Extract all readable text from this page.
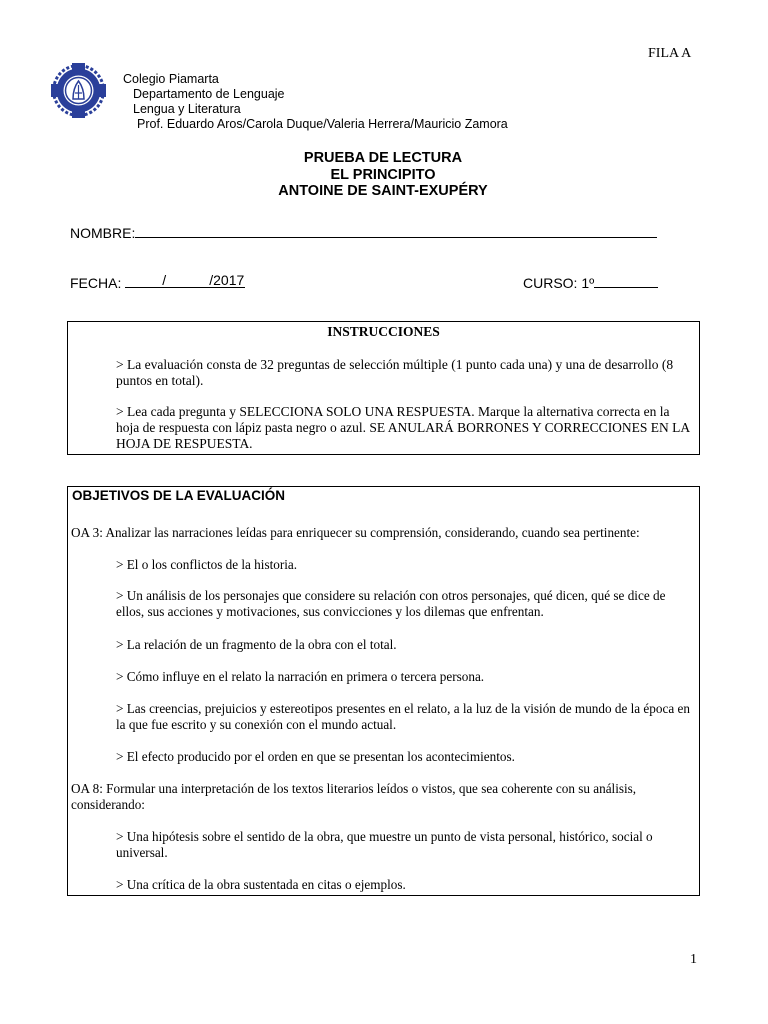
FILA A
Colegio Piamarta
Departamento de Lenguaje
Lengua y Literatura
Prof. Eduardo Aros/Carola Duque/Valeria Herrera/Mauricio Zamora
PRUEBA DE LECTURA
EL PRINCIPITO
ANTOINE DE SAINT-EXUPÉRY
NOMBRE:
FECHA:	/	/2017	CURSO: 1º
INSTRUCCIONES
> La evaluación consta de 32 preguntas de selección múltiple (1 punto cada una) y una de desarrollo (8 puntos en total).
> Lea cada pregunta y SELECCIONA SOLO UNA RESPUESTA. Marque la alternativa correcta en la hoja de respuesta con lápiz pasta negro o azul. SE ANULARÁ BORRONES Y CORRECCIONES EN LA HOJA DE RESPUESTA.
OBJETIVOS DE LA EVALUACIÓN
OA 3: Analizar las narraciones leídas para enriquecer su comprensión, considerando, cuando sea pertinente:
> El o los conflictos de la historia.
> Un análisis de los personajes que considere su relación con otros personajes, qué dicen, qué se dice de ellos, sus acciones y motivaciones, sus convicciones y los dilemas que enfrentan.
> La relación de un fragmento de la obra con el total.
> Cómo influye en el relato la narración en primera o tercera persona.
> Las creencias, prejuicios y estereotipos presentes en el relato, a la luz de la visión de mundo de la época en la que fue escrito y su conexión con el mundo actual.
> El efecto producido por el orden en que se presentan los acontecimientos.
OA 8: Formular una interpretación de los textos literarios leídos o vistos, que sea coherente con su análisis, considerando:
> Una hipótesis sobre el sentido de la obra, que muestre un punto de vista personal, histórico, social o universal.
> Una crítica de la obra sustentada en citas o ejemplos.
1
